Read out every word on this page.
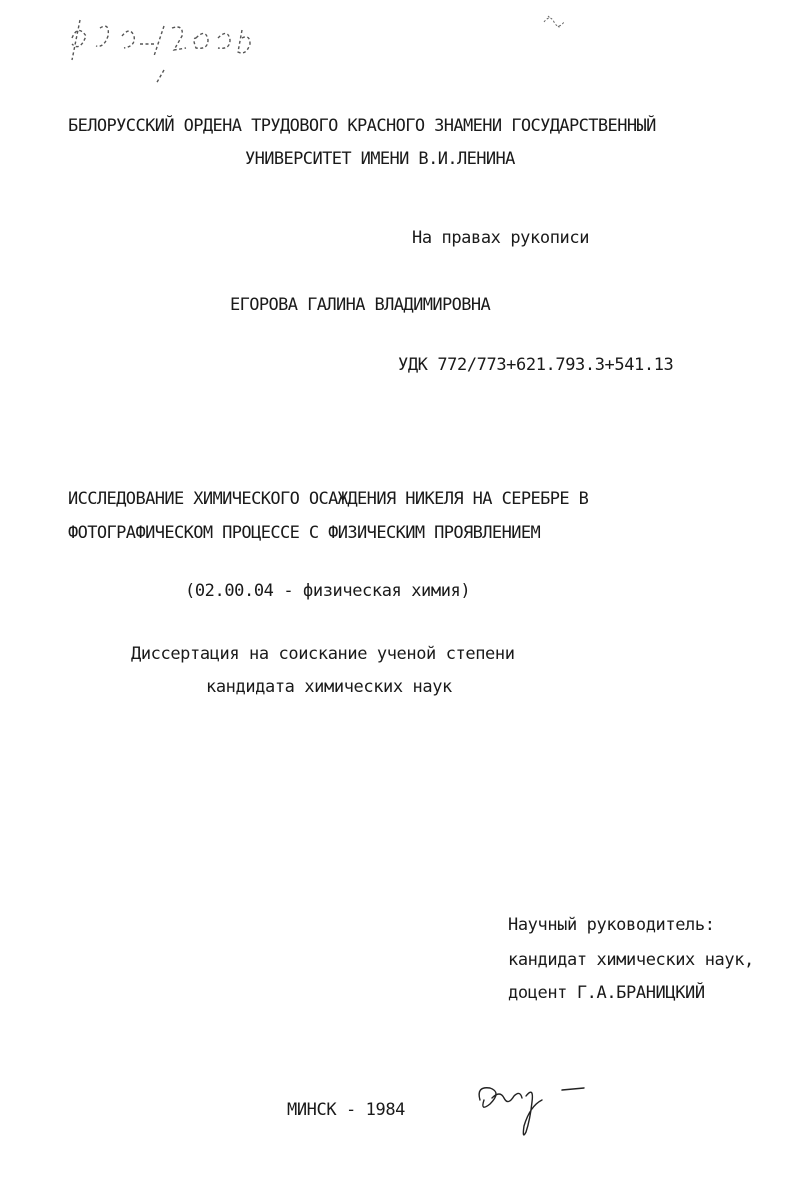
05-2/788-8
БЕЛОРУССКИЙ ОРДЕНА ТРУДОВОГО КРАСНОГО ЗНАМЕНИ ГОСУДАРСТВЕННЫЙ
УНИВЕРСИТЕТ ИМЕНИ В.И.ЛЕНИНА
На правах рукописи
ЕГОРОВА ГАЛИНА ВЛАДИМИРОВНА
УДК 772/773+621.793.3+541.13
ИССЛЕДОВАНИЕ ХИМИЧЕСКОГО ОСАЖДЕНИЯ НИКЕЛЯ НА СЕРЕБРЕ В
ФОТОГРАФИЧЕСКОМ ПРОЦЕССЕ С ФИЗИЧЕСКИМ ПРОЯВЛЕНИЕМ
(02.00.04 - физическая химия)
Диссертация на соискание ученой степени
кандидата химических наук
Научный руководитель:
кандидат химических наук,
доцент Г.А.БРАНИЦКИЙ
МИНСК - 1984
